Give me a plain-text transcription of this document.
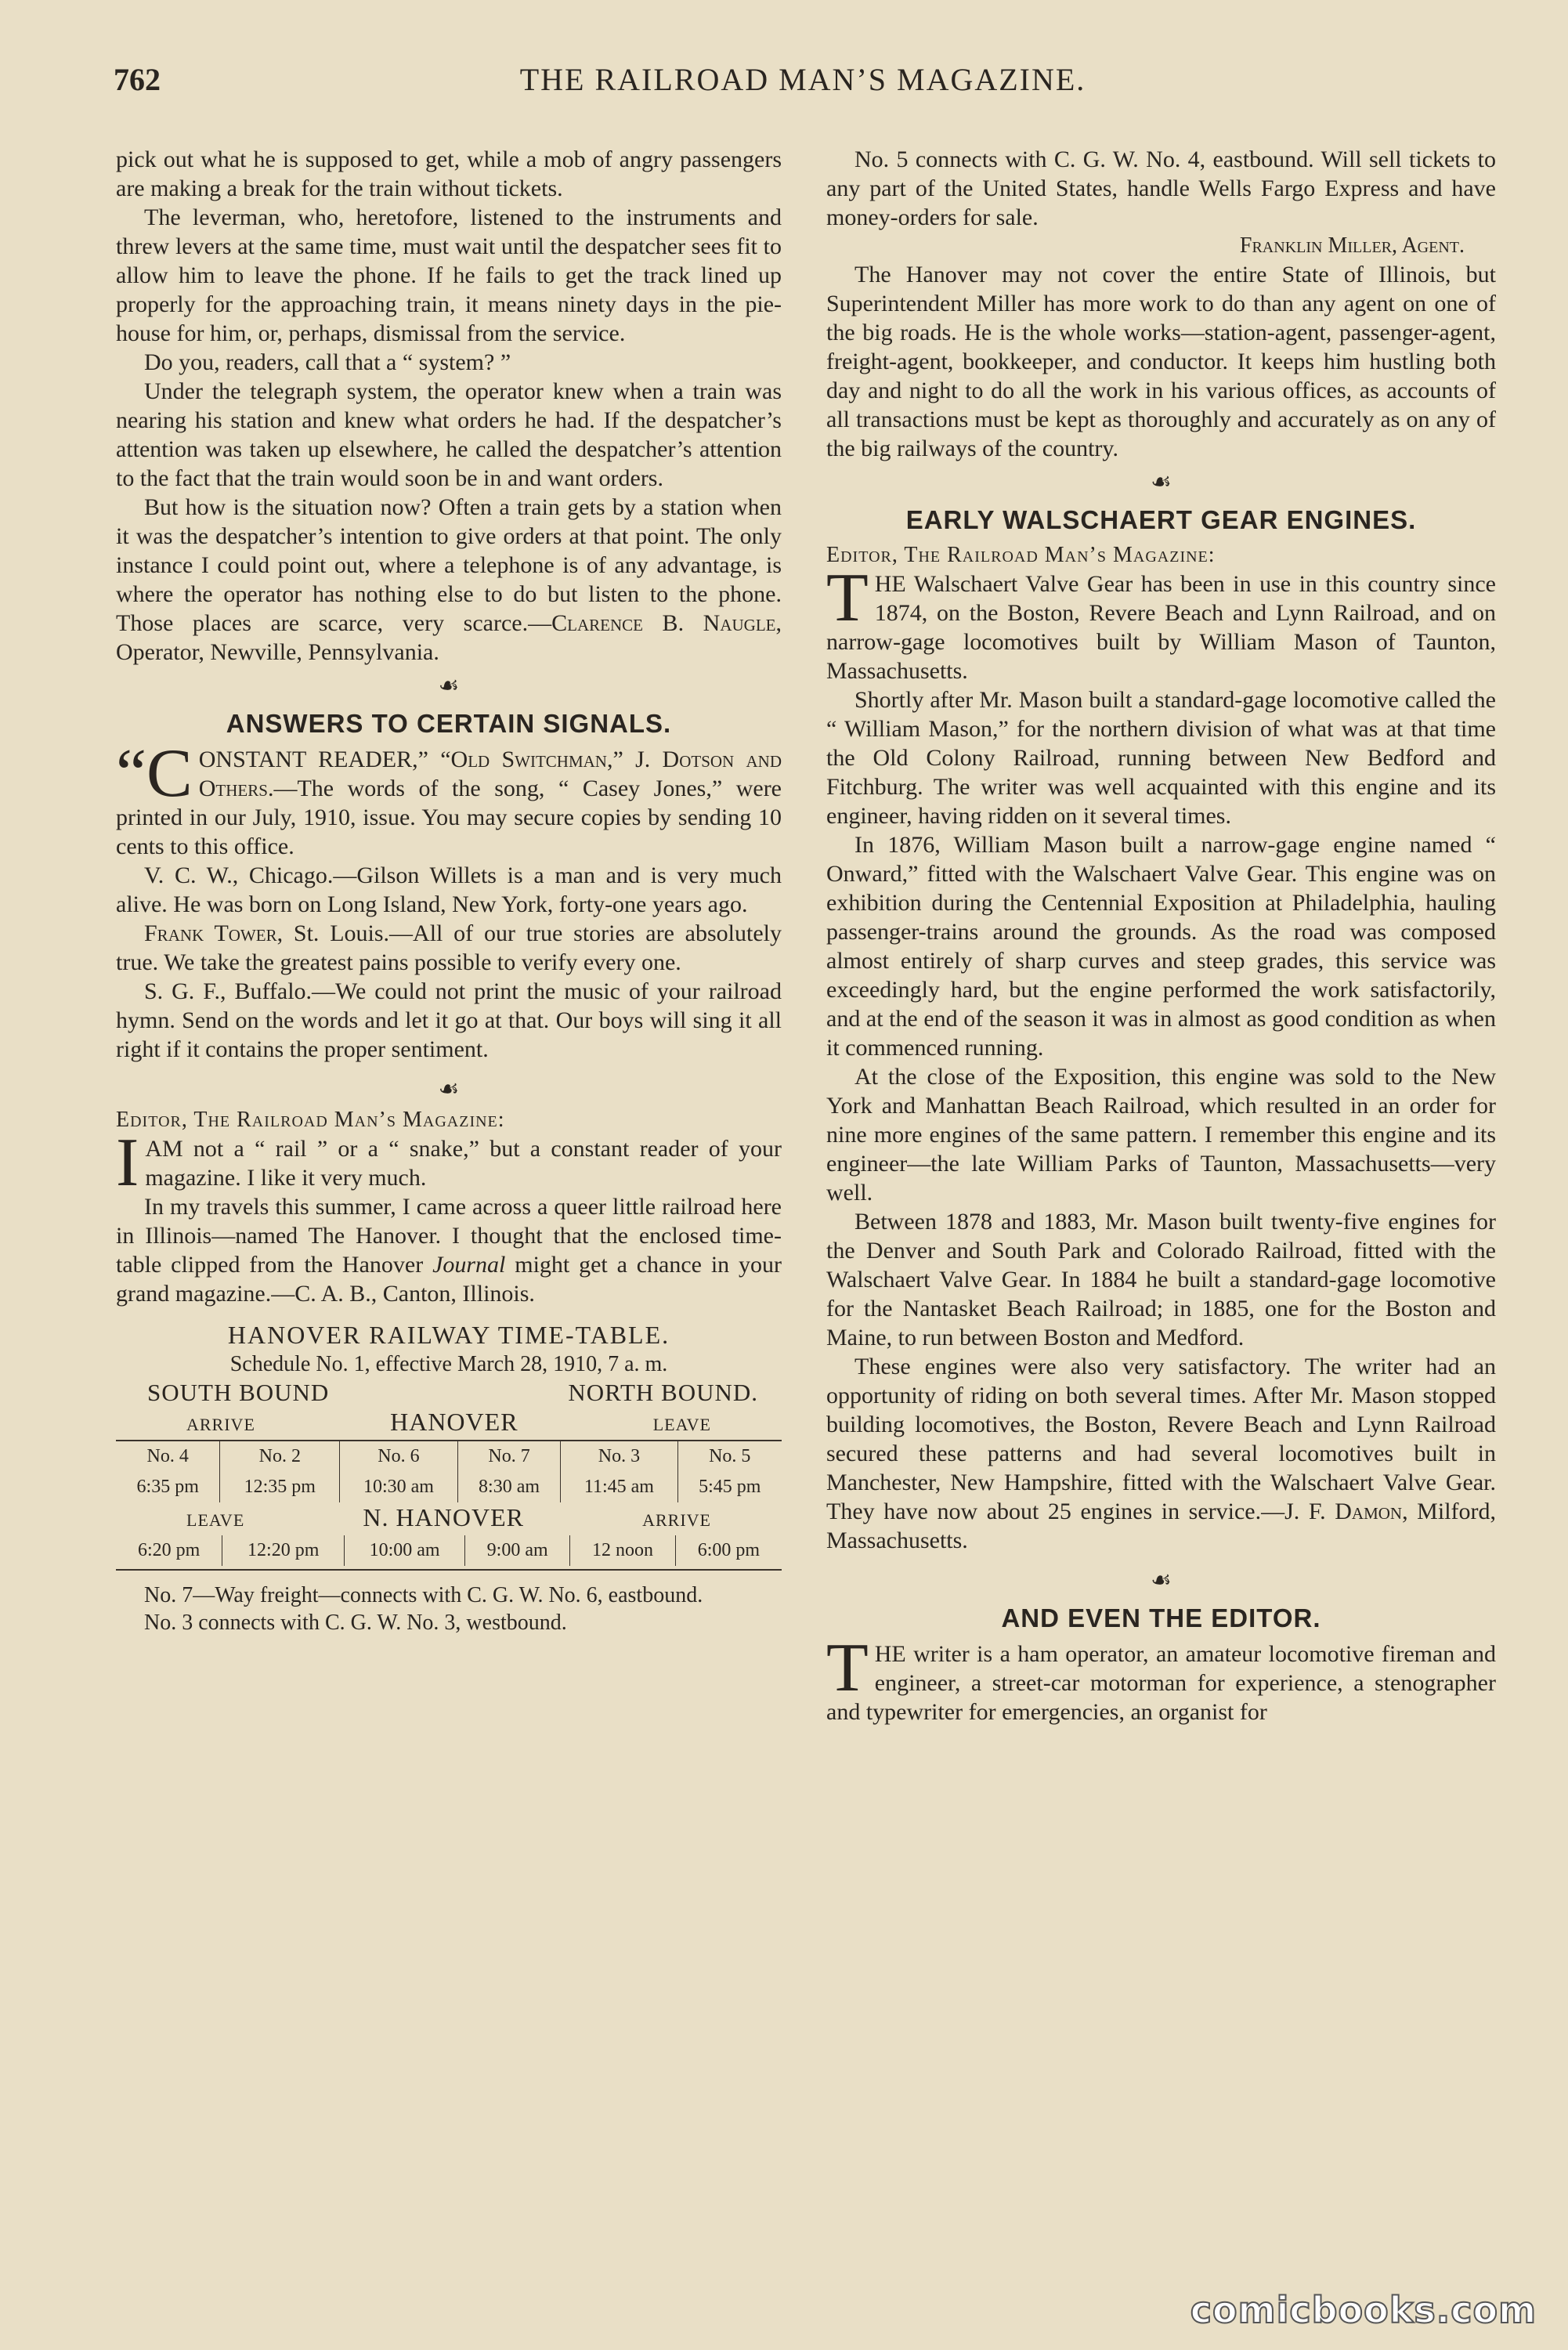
762	THE RAILROAD MAN’S MAGAZINE.

pick out what he is supposed to get, while a mob of angry passengers are making a break for the train without tickets.

The leverman, who, heretofore, listened to the instruments and threw levers at the same time, must wait until the despatcher sees fit to allow him to leave the phone. If he fails to get the track lined up properly for the approaching train, it means ninety days in the pie-house for him, or, perhaps, dismissal from the service.

Do you, readers, call that a “ system? ”

Under the telegraph system, the operator knew when a train was nearing his station and knew what orders he had. If the despatcher’s attention was taken up elsewhere, he called the despatcher’s attention to the fact that the train would soon be in and want orders.

But how is the situation now? Often a train gets by a station when it was the despatcher’s intention to give orders at that point. The only instance I could point out, where a telephone is of any advantage, is where the operator has nothing else to do but listen to the phone. Those places are scarce, very scarce.—Clarence B. Naugle, Operator, Newville, Pennsylvania.

☙
ANSWERS TO CERTAIN SIGNALS.

“CONSTANT READER,” “Old Switchman,” J. Dotson and Others.—The words of the song, “ Casey Jones,” were printed in our July, 1910, issue. You may secure copies by sending 10 cents to this office.

V. C. W., Chicago.—Gilson Willets is a man and is very much alive. He was born on Long Island, New York, forty-one years ago.

Frank Tower, St. Louis.—All of our true stories are absolutely true. We take the greatest pains possible to verify every one.

S. G. F., Buffalo.—We could not print the music of your railroad hymn. Send on the words and let it go at that. Our boys will sing it all right if it contains the proper sentiment.

☙
Editor, The Railroad Man’s Magazine:

IAM not a “ rail ” or a “ snake,” but a constant reader of your magazine. I like it very much.

In my travels this summer, I came across a queer little railroad here in Illinois—named The Hanover. I thought that the enclosed time-table clipped from the Hanover Journal might get a chance in your grand magazine.—C. A. B., Canton, Illinois.

HANOVER RAILWAY TIME-TABLE.
Schedule No. 1, effective March 28, 1910, 7 a. m.
SOUTH BOUND	NORTH BOUND.
ARRIVE	HANOVER	LEAVE
No. 4	No. 2	No. 6	No. 7	No. 3	No. 5
6:35 pm	12:35 pm	10:30 am	8:30 am	11:45 am	5:45 pm
LEAVE	N. HANOVER	ARRIVE
6:20 pm	12:20 pm	10:00 am	9:00 am	12 noon	6:00 pm

No. 7—Way freight—connects with C. G. W. No. 6, eastbound.

No. 3 connects with C. G. W. No. 3, westbound.

No. 5 connects with C. G. W. No. 4, eastbound. Will sell tickets to any part of the United States, handle Wells Fargo Express and have money-orders for sale.

Franklin Miller, Agent.

The Hanover may not cover the entire State of Illinois, but Superintendent Miller has more work to do than any agent on one of the big roads. He is the whole works—station-agent, passenger-agent, freight-agent, bookkeeper, and conductor. It keeps him hustling both day and night to do all the work in his various offices, as accounts of all transactions must be kept as thoroughly and accurately as on any of the big railways of the country.

☙
EARLY WALSCHAERT GEAR ENGINES.
Editor, The Railroad Man’s Magazine:

THE Walschaert Valve Gear has been in use in this country since 1874, on the Boston, Revere Beach and Lynn Railroad, and on narrow-gage locomotives built by William Mason of Taunton, Massachusetts.

Shortly after Mr. Mason built a standard-gage locomotive called the “ William Mason,” for the northern division of what was at that time the Old Colony Railroad, running between New Bedford and Fitchburg. The writer was well acquainted with this engine and its engineer, having ridden on it several times.

In 1876, William Mason built a narrow-gage engine named “ Onward,” fitted with the Walschaert Valve Gear. This engine was on exhibition during the Centennial Exposition at Philadelphia, hauling passenger-trains around the grounds. As the road was composed almost entirely of sharp curves and steep grades, this service was exceedingly hard, but the engine performed the work satisfactorily, and at the end of the season it was in almost as good condition as when it commenced running.

At the close of the Exposition, this engine was sold to the New York and Manhattan Beach Railroad, which resulted in an order for nine more engines of the same pattern. I remember this engine and its engineer—the late William Parks of Taunton, Massachusetts—very well.

Between 1878 and 1883, Mr. Mason built twenty-five engines for the Denver and South Park and Colorado Railroad, fitted with the Walschaert Valve Gear. In 1884 he built a standard-gage locomotive for the Nantasket Beach Railroad; in 1885, one for the Boston and Maine, to run between Boston and Medford.

These engines were also very satisfactory. The writer had an opportunity of riding on both several times. After Mr. Mason stopped building locomotives, the Boston, Revere Beach and Lynn Railroad secured these patterns and had several locomotives built in Manchester, New Hampshire, fitted with the Walschaert Valve Gear. They have now about 25 engines in service.—J. F. Damon, Milford, Massachusetts.

☙
AND EVEN THE EDITOR.

THE writer is a ham operator, an amateur locomotive fireman and engineer, a street-car motorman for experience, a stenographer and typewriter for emergencies, an organist for

comicbooks.com
